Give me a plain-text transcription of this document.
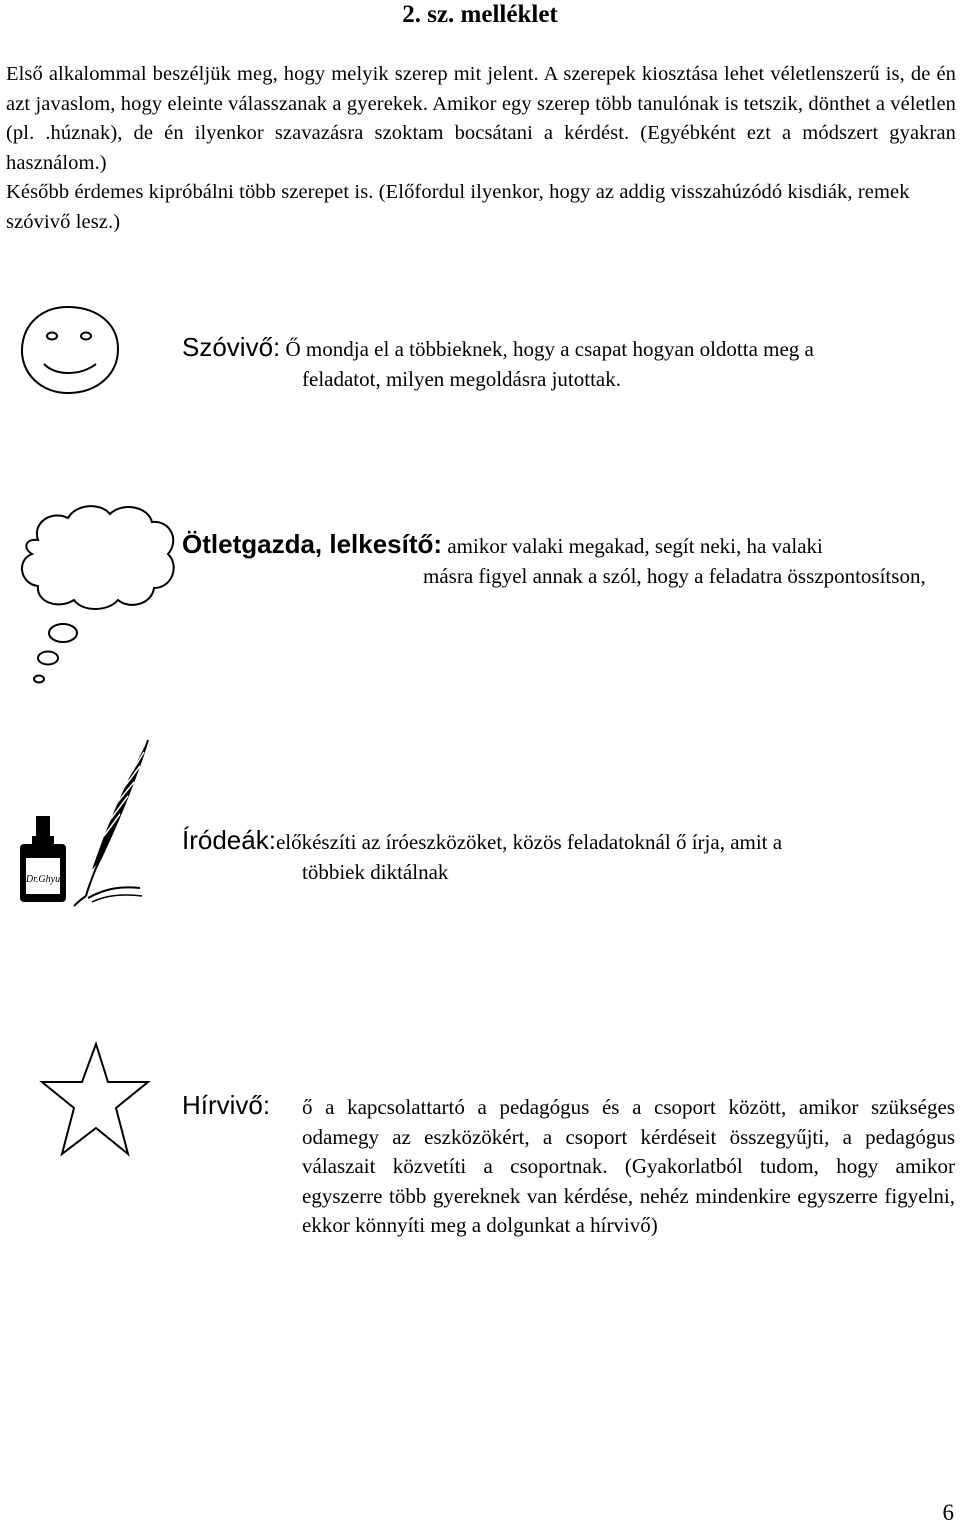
2. sz. melléklet

Első alkalommal beszéljük meg, hogy melyik szerep mit jelent. A szerepek kiosztása lehet véletlenszerű is, de én azt javaslom, hogy eleinte válasszanak a gyerekek. Amikor egy szerep több tanulónak is tetszik, dönthet a véletlen (pl. .húznak), de én ilyenkor szavazásra szoktam bocsátani a kérdést. (Egyébként ezt a módszert gyakran használom.)

Később érdemes kipróbálni több szerepet is. (Előfordul ilyenkor, hogy az addig visszahúzódó kisdiák, remek szóvivő lesz.)

Szóvivő: Ő mondja el a többieknek, hogy a csapat hogyan oldotta meg a
feladatot, milyen megoldásra jutottak.
Ötletgazda, lelkesítő: amikor valaki megakad, segít neki, ha valaki
másra figyel annak a szól, hogy a feladatra összpontosítson,
Dr.Ghyu
Íródeák:előkészíti az íróeszközöket, közös feladatoknál ő írja, amit a
többiek diktálnak
Hírvivő: ő a kapcsolattartó a pedagógus és a csoport között, amikor szükséges odamegy az eszközökért, a csoport kérdéseit összegyűjti, a pedagógus válaszait közvetíti a csoportnak. (Gyakorlatból tudom, hogy amikor egyszerre több gyereknek van kérdése, nehéz mindenkire egyszerre figyelni, ekkor könnyíti meg a dolgunkat a hírvivő)
6
